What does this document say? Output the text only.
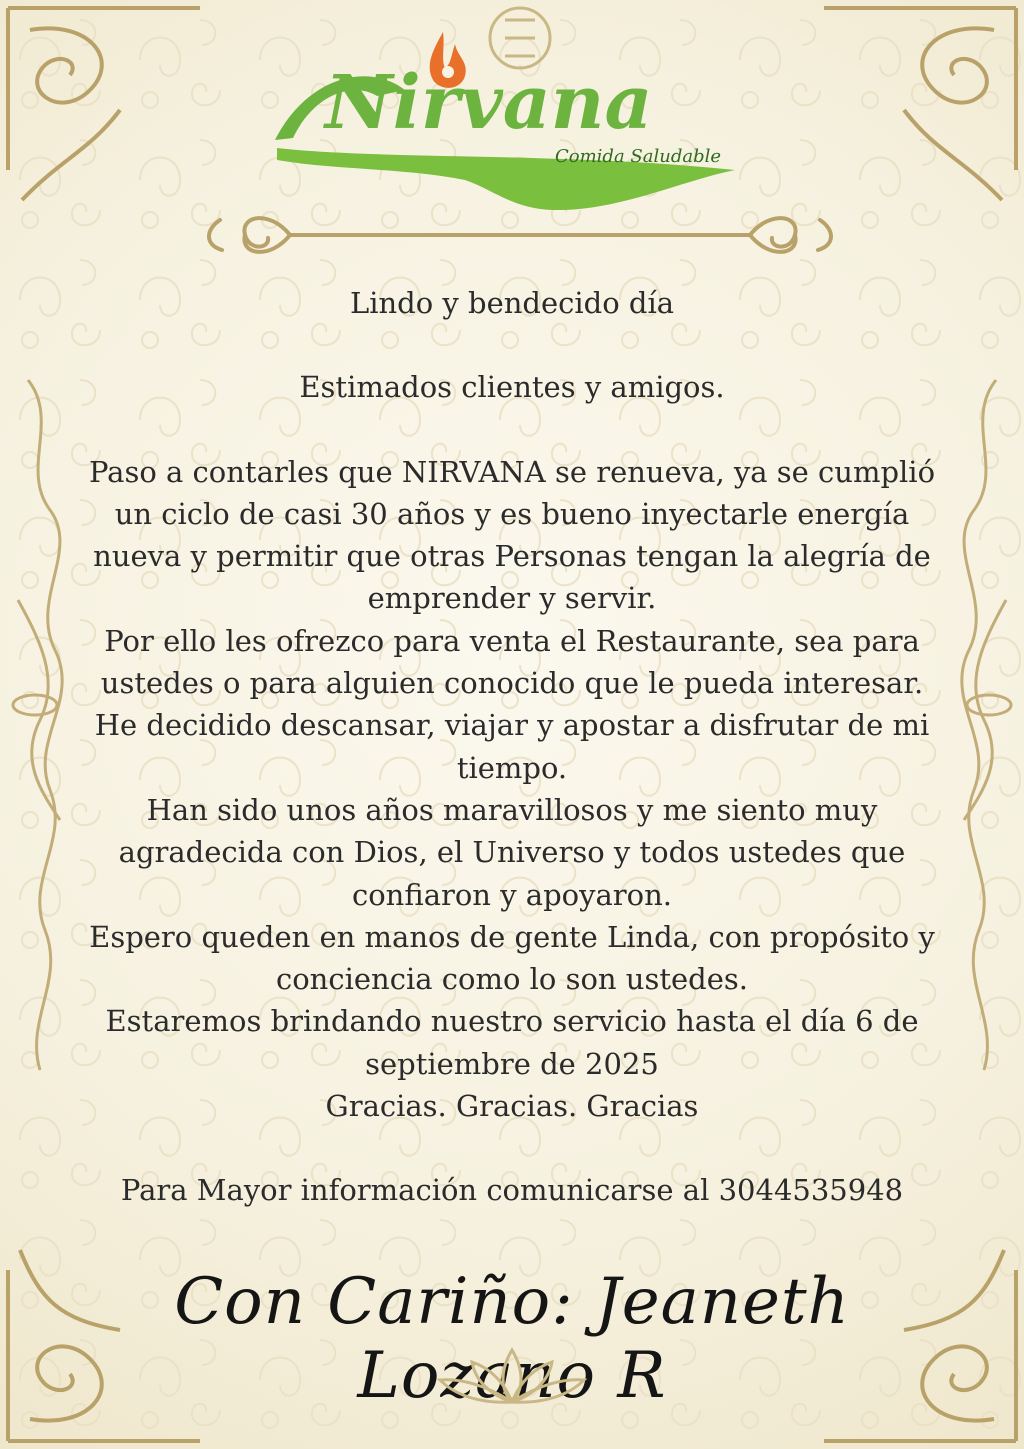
Nirvana
Comida Saludable

Lindo y bendecido día

Estimados clientes y amigos.

Paso a contarles que NIRVANA se renueva, ya se cumplió

un ciclo de casi 30 años y es bueno inyectarle energía

nueva y permitir que otras Personas tengan la alegría de

emprender y servir.

Por ello les ofrezco para venta el Restaurante, sea para

ustedes o para alguien conocido que le pueda interesar.

He decidido descansar, viajar y apostar a disfrutar de mi

tiempo.

Han sido unos años maravillosos y me siento muy

agradecida con Dios, el Universo y todos ustedes que

confiaron y apoyaron.

Espero queden en manos de gente Linda, con propósito y

conciencia como lo son ustedes.

Estaremos brindando nuestro servicio hasta el día 6 de

septiembre de 2025

Gracias. Gracias. Gracias

Para Mayor información comunicarse al 3044535948

Con Cariño: Jeaneth Lozano R
